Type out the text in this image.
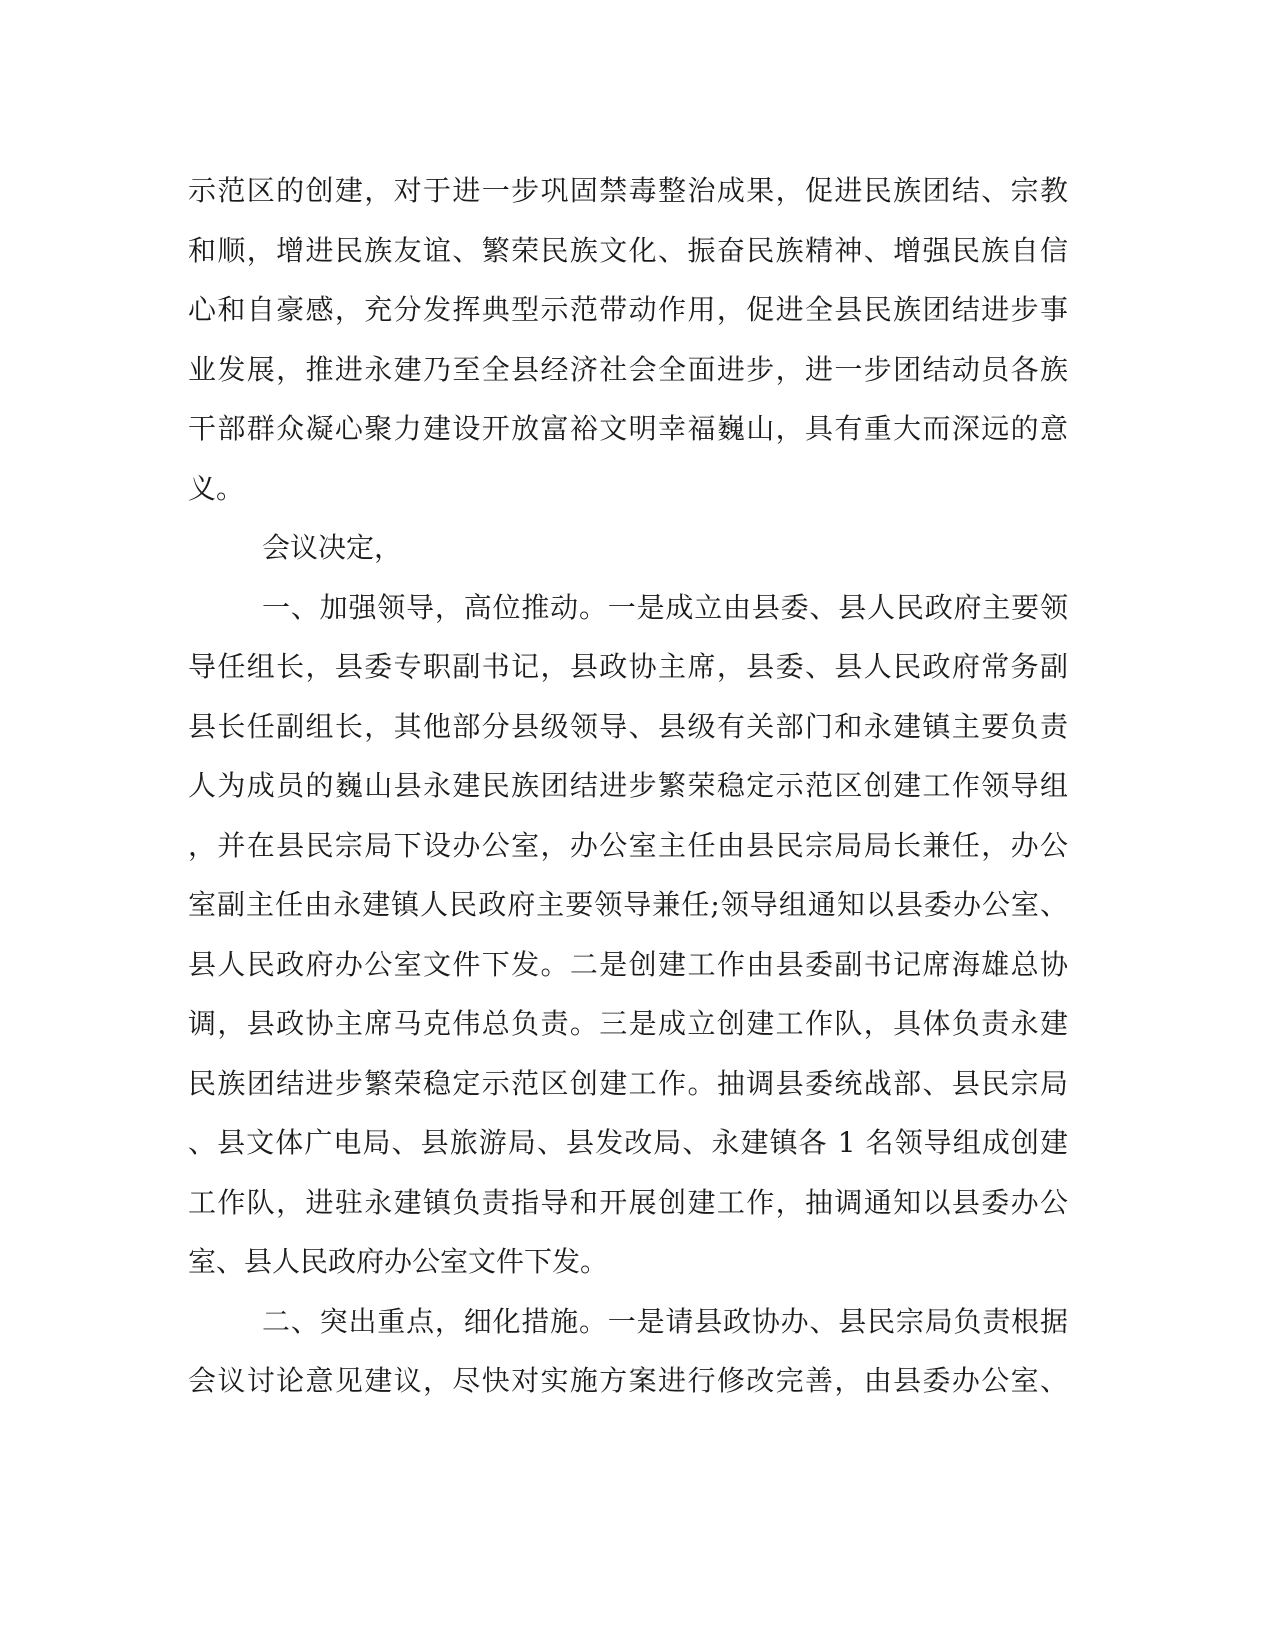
示范区的创建，对于进一步巩固禁毒整治成果，促进民族团结、宗教
和顺，增进民族友谊、繁荣民族文化、振奋民族精神、增强民族自信
心和自豪感，充分发挥典型示范带动作用，促进全县民族团结进步事
业发展，推进永建乃至全县经济社会全面进步，进一步团结动员各族
干部群众凝心聚力建设开放富裕文明幸福巍山，具有重大而深远的意
义。
会议决定，
一、加强领导，高位推动。一是成立由县委、县人民政府主要领
导任组长，县委专职副书记，县政协主席，县委、县人民政府常务副
县长任副组长，其他部分县级领导、县级有关部门和永建镇主要负责
人为成员的巍山县永建民族团结进步繁荣稳定示范区创建工作领导组
，并在县民宗局下设办公室，办公室主任由县民宗局局长兼任，办公
室副主任由永建镇人民政府主要领导兼任;领导组通知以县委办公室、
县人民政府办公室文件下发。二是创建工作由县委副书记席海雄总协
调，县政协主席马克伟总负责。三是成立创建工作队，具体负责永建
民族团结进步繁荣稳定示范区创建工作。抽调县委统战部、县民宗局
、县文体广电局、县旅游局、县发改局、永建镇各 1 名领导组成创建
工作队，进驻永建镇负责指导和开展创建工作，抽调通知以县委办公
室、县人民政府办公室文件下发。
二、突出重点，细化措施。一是请县政协办、县民宗局负责根据
会议讨论意见建议，尽快对实施方案进行修改完善，由县委办公室、
